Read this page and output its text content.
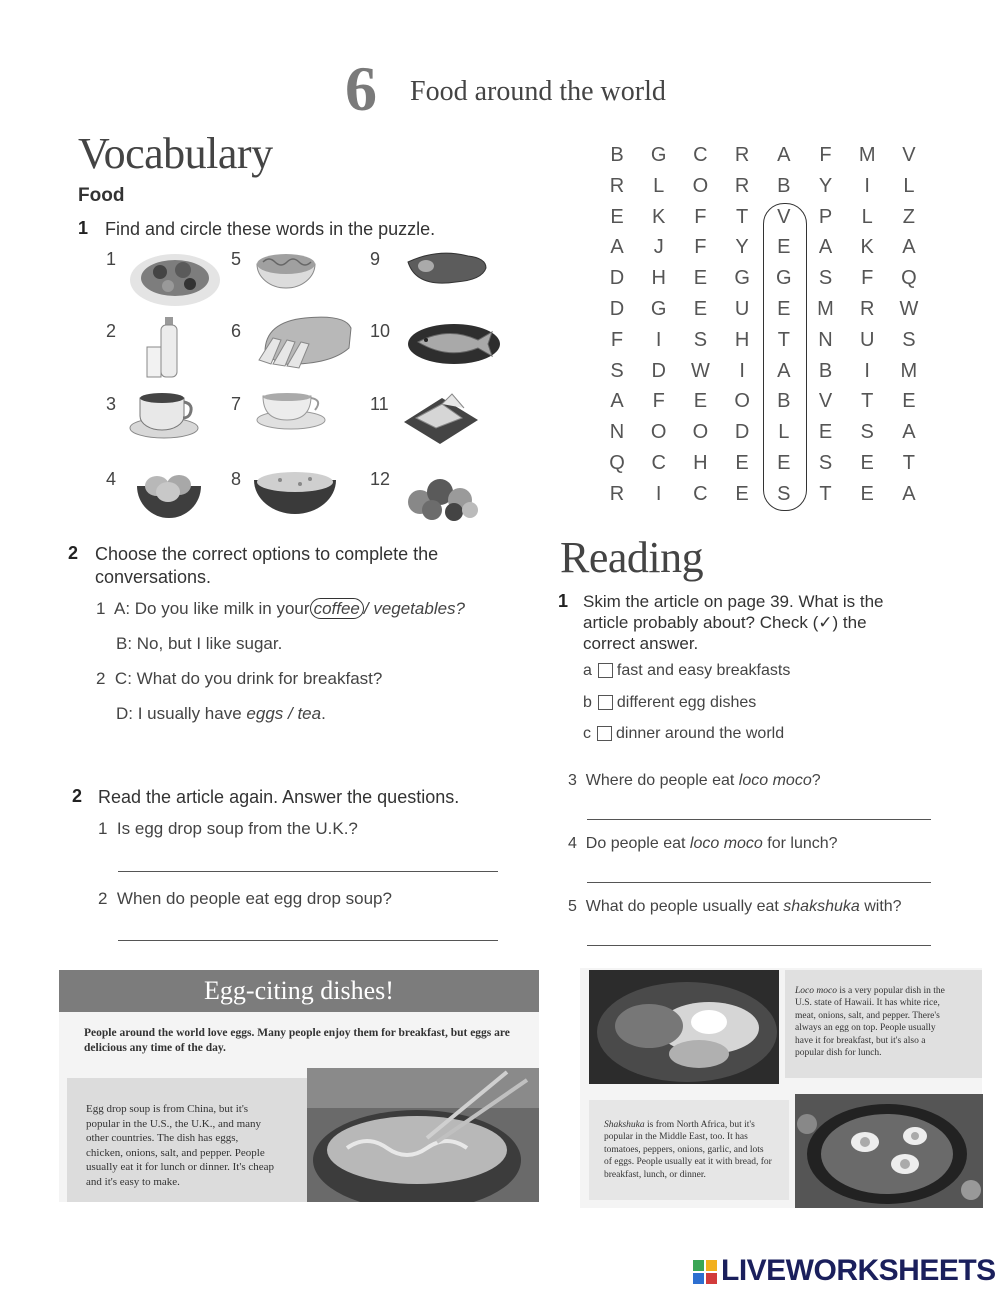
6 Food around the world
Vocabulary
Food
1 Find and circle these words in the puzzle.
1
2
3
4
5
6
7
8
9
10
11
12
2 Choose the correct options to complete the
conversations.
1 A: Do you like milk in your coffee / vegetables?
B: No, but I like sugar.
2 C: What do you drink for breakfast?
D: I usually have eggs / tea.
2 Read the article again. Answer the questions.
1 Is egg drop soup from the U.K.?
2 When do people eat egg drop soup?
B	G	C	R	A	F	M	V
R	L	O	R	B	Y	I	L
E	K	F	T	V	P	L	Z
A	J	F	Y	E	A	K	A
D	H	E	G	G	S	F	Q
D	G	E	U	E	M	R	W
F	I	S	H	T	N	U	S
S	D	W	I	A	B	I	M
A	F	E	O	B	V	T	E
N	O	O	D	L	E	S	A
Q	C	H	E	E	S	E	T
R	I	C	E	S	T	E	A
Reading
1 Skim the article on page 39. What is the
article probably about? Check (✓) the
correct answer.
a fast and easy breakfasts
b different egg dishes
c dinner around the world
3 Where do people eat loco moco?
4 Do people eat loco moco for lunch?
5 What do people usually eat shakshuka with?
Egg-citing dishes!
People around the world love eggs. Many people enjoy them for breakfast, but eggs are delicious any time of the day.
Egg drop soup is from China, but it's
popular in the U.S., the U.K., and many
other countries. The dish has eggs,
chicken, onions, salt, and pepper. People
usually eat it for lunch or dinner. It's cheap
and it's easy to make.
Loco moco is a very popular dish in the
U.S. state of Hawaii. It has white rice,
meat, onions, salt, and pepper. There's
always an egg on top. People usually
have it for breakfast, but it's also a
popular dish for lunch.
Shakshuka is from North Africa, but it's
popular in the Middle East, too. It has
tomatoes, peppers, onions, garlic, and lots
of eggs. People usually eat it with bread, for
breakfast, lunch, or dinner.
LIVEWORKSHEETS
